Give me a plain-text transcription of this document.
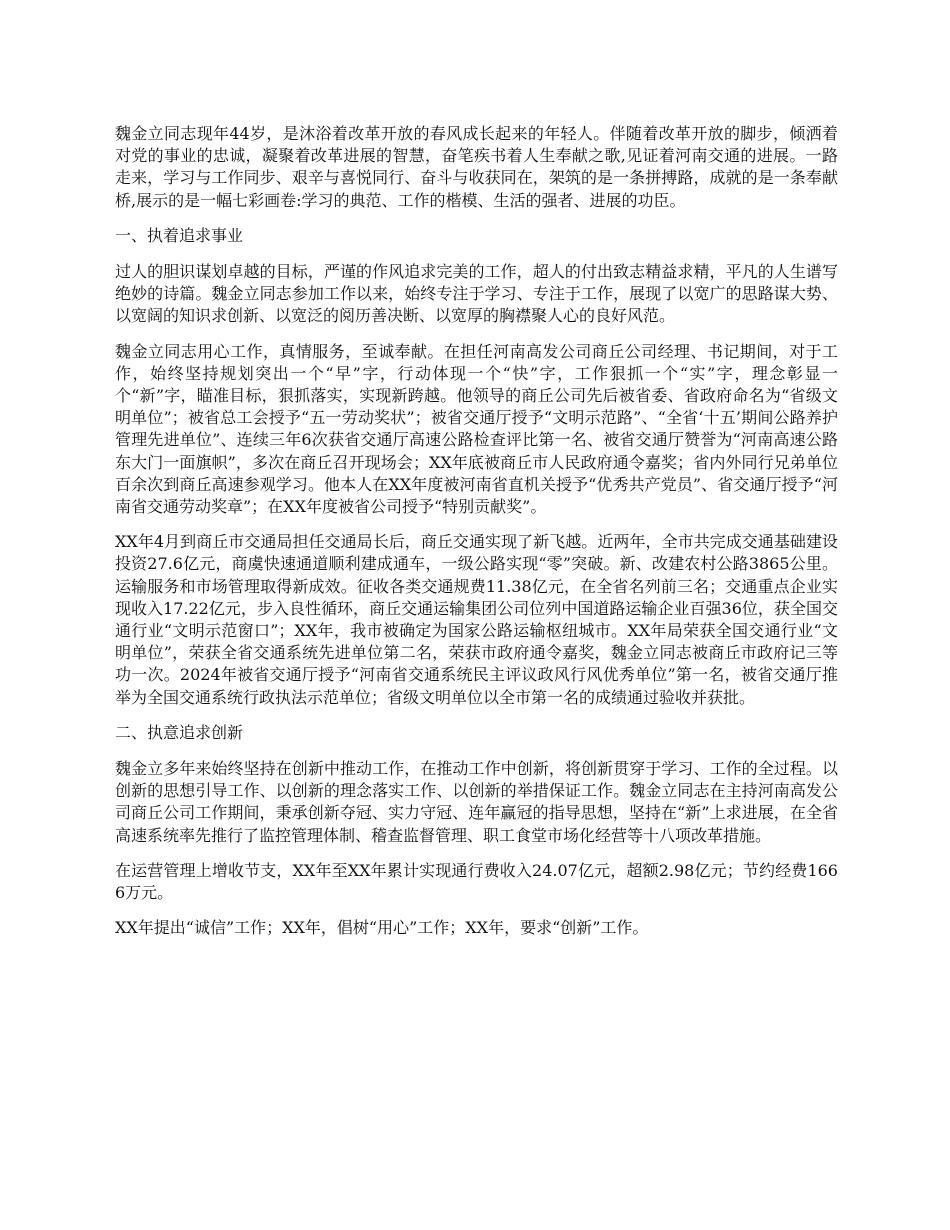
魏金立同志现年44岁，是沐浴着改革开放的春风成长起来的年轻人。伴随着改革开放的脚步，倾洒着对党的事业的忠诚，凝聚着改革进展的智慧，奋笔疾书着人生奉献之歌,见证着河南交通的进展。一路走来，学习与工作同步、艰辛与喜悦同行、奋斗与收获同在，架筑的是一条拼搏路，成就的是一条奉献桥,展示的是一幅七彩画卷:学习的典范、工作的楷模、生活的强者、进展的功臣。

一、执着追求事业

过人的胆识谋划卓越的目标，严谨的作风追求完美的工作，超人的付出致志精益求精，平凡的人生谱写绝妙的诗篇。魏金立同志参加工作以来，始终专注于学习、专注于工作，展现了以宽广的思路谋大势、以宽阔的知识求创新、以宽泛的阅历善决断、以宽厚的胸襟聚人心的良好风范。

魏金立同志用心工作，真情服务，至诚奉献。在担任河南高发公司商丘公司经理、书记期间，对于工作，始终坚持规划突出一个“早”字，行动体现一个“快”字，工作狠抓一个“实”字，理念彰显一个“新”字，瞄准目标，狠抓落实，实现新跨越。他领导的商丘公司先后被省委、省政府命名为“省级文明单位”；被省总工会授予“五一劳动奖状”；被省交通厅授予“文明示范路”、“全省‘十五’期间公路养护管理先进单位”、连续三年6次获省交通厅高速公路检查评比第一名、被省交通厅赞誉为“河南高速公路东大门一面旗帜”，多次在商丘召开现场会；XX年底被商丘市人民政府通令嘉奖；省内外同行兄弟单位百余次到商丘高速参观学习。他本人在XX年度被河南省直机关授予“优秀共产党员”、省交通厅授予“河南省交通劳动奖章”；在XX年度被省公司授予“特别贡献奖”。

XX年4月到商丘市交通局担任交通局长后，商丘交通实现了新飞越。近两年，全市共完成交通基础建设投资27.6亿元，商虞快速通道顺利建成通车，一级公路实现“零”突破。新、改建农村公路3865公里。运输服务和市场管理取得新成效。征收各类交通规费11.38亿元，在全省名列前三名；交通重点企业实现收入17.22亿元，步入良性循环，商丘交通运输集团公司位列中国道路运输企业百强36位，获全国交通行业“文明示范窗口”；XX年，我市被确定为国家公路运输枢纽城市。XX年局荣获全国交通行业“文明单位”，荣获全省交通系统先进单位第二名，荣获市政府通令嘉奖，魏金立同志被商丘市政府记三等功一次。2024年被省交通厅授予“河南省交通系统民主评议政风行风优秀单位”第一名，被省交通厅推举为全国交通系统行政执法示范单位；省级文明单位以全市第一名的成绩通过验收并获批。

二、执意追求创新

魏金立多年来始终坚持在创新中推动工作，在推动工作中创新，将创新贯穿于学习、工作的全过程。以创新的思想引导工作、以创新的理念落实工作、以创新的举措保证工作。魏金立同志在主持河南高发公司商丘公司工作期间，秉承创新夺冠、实力守冠、连年赢冠的指导思想，坚持在“新”上求进展，在全省高速系统率先推行了监控管理体制、稽查监督管理、职工食堂市场化经营等十八项改革措施。

在运营管理上增收节支，XX年至XX年累计实现通行费收入24.07亿元，超额2.98亿元；节约经费1666万元。

XX年提出“诚信”工作；XX年，倡树“用心”工作；XX年，要求“创新”工作。
